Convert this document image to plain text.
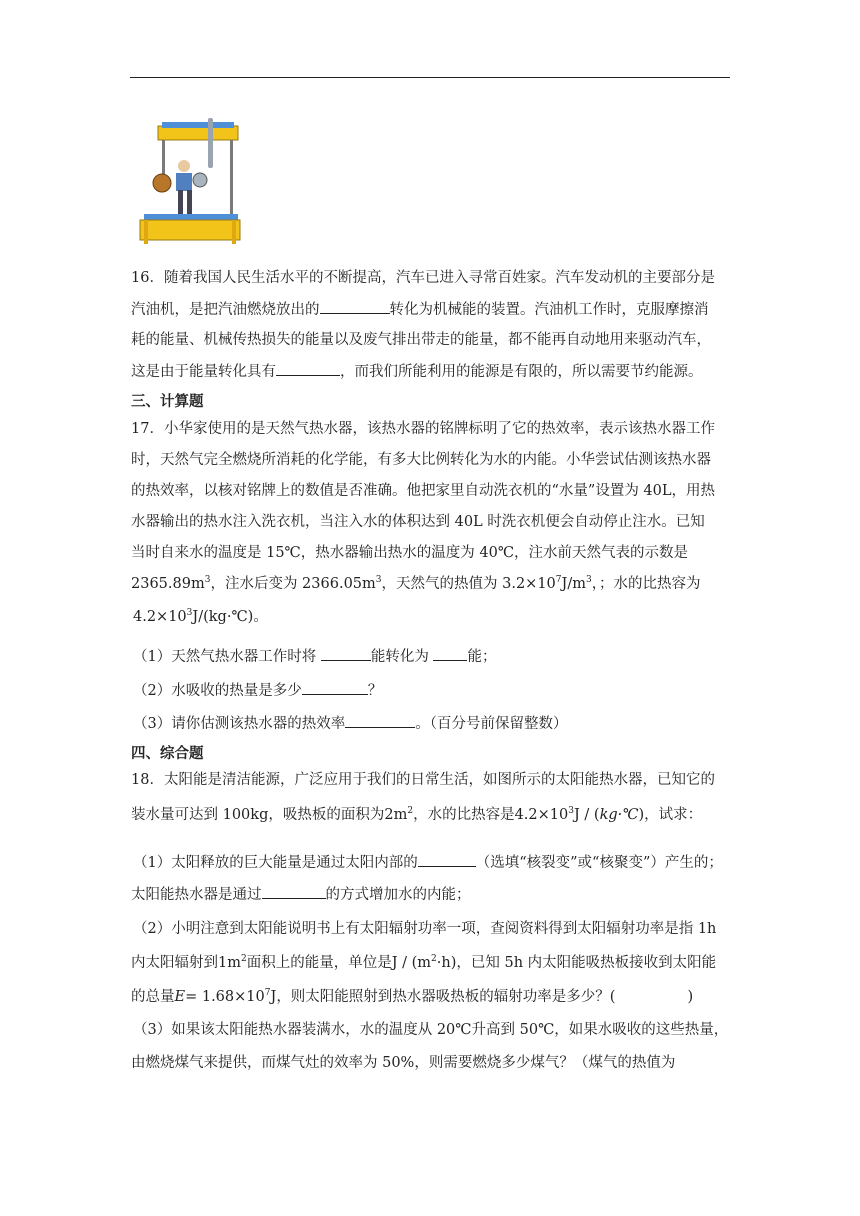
16．随着我国人民生活水平的不断提高，汽车已进入寻常百姓家。汽车发动机的主要部分是
汽油机，是把汽油燃烧放出的	转化为机械能的装置。汽油机工作时，克服摩擦消
耗的能量、机械传热损失的能量以及废气排出带走的能量，都不能再自动地用来驱动汽车，
这是由于能量转化具有	，而我们所能利用的能源是有限的，所以需要节约能源。
三、计算题
17．小华家使用的是天然气热水器，该热水器的铭牌标明了它的热效率，表示该热水器工作
时，天然气完全燃烧所消耗的化学能，有多大比例转化为水的内能。小华尝试估测该热水器
的热效率，以核对铭牌上的数值是否准确。他把家里自动洗衣机的“水量”设置为 40L，用热
水器输出的热水注入洗衣机，当注入水的体积达到 40L 时洗衣机便会自动停止注水。已知
当时自来水的温度是 15℃，热水器输出热水的温度为 40℃，注水前天然气表的示数是
$2365.89m^3$，注水后变为 $2366.05m^3$，天然气的热值为 $3.2\times 10^7J/m^3$，；水的比热容为
$4.2\times 10^3J/(kg\cdot℃)$。
（1）天然气热水器工作时将	能转化为 能；
（2）水吸收的热量是多少	？
（3）请你估测该热水器的热效率	。（百分号前保留整数）
四、综合题
18．太阳能是清洁能源，广泛应用于我们的日常生活，如图所示的太阳能热水器，已知它的
装水量可达到 100kg，吸热板的面积为$2m^2$，水的比热容是$4.2\times 10^3J$ / (kg·℃)，试求：
（1）太阳释放的巨大能量是通过太阳内部的	（选填“核裂变”或“核聚变”）产生的；
太阳能热水器是通过	的方式增加水的内能；
（2）小明注意到太阳能说明书上有太阳辐射功率一项，查阅资料得到太阳辐射功率是指 1h
内太阳辐射到$1m^2$面积上的能量，单位是$J / (m^2\cdot h)$，已知 5h 内太阳能吸热板接收到太阳能
的总量$E= 1.68\times 10^7J$，则太阳能照射到热水器吸热板的辐射功率是多少？(	)
（3）如果该太阳能热水器装满水，水的温度从 20℃升高到 50℃，如果水吸收的这些热量，
由燃烧煤气来提供，而煤气灶的效率为 50%，则需要燃烧多少煤气？（煤气的热值为
